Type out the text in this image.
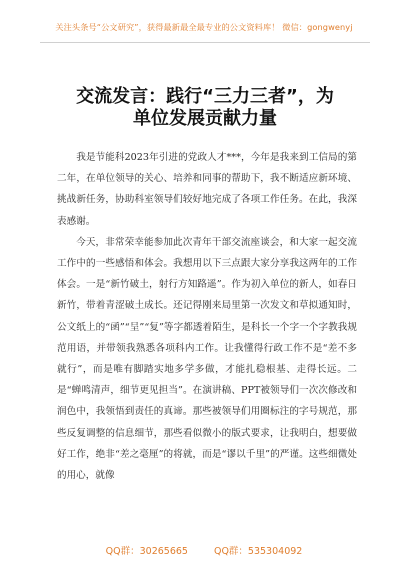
关注头条号“公文研究”，获得最新最全最专业的公文资料库！ 微信：gongwenyj
交流发言：践行“三力三者”，为
单位发展贡献力量

我是节能科2023年引进的党政人才***，今年是我来到工信局的第二年，在单位领导的关心、培养和同事的帮助下，我不断适应新环境、挑战新任务，协助科室领导们较好地完成了各项工作任务。在此，我深表感谢。

今天，非常荣幸能参加此次青年干部交流座谈会，和大家一起交流工作中的一些感悟和体会。我想用以下三点跟大家分享我这两年的工作体会。一是“新竹破土，射行方知路遥”。作为初入单位的新人，如春日新竹，带着青涩破土成长。还记得刚来局里第一次发文和草拟通知时，公文纸上的“函”“呈”“复”等字都透着陌生，是科长一个字一个字教我规范用语，并带领我熟悉各项科内工作。让我懂得行政工作不是“差不多就行”，而是唯有脚踏实地多学多做，才能扎稳根基、走得长远。二是“蝉鸣清声，细节更见担当”。在演讲稿、PPT被领导们一次次修改和润色中，我领悟到责任的真谛。那些被领导们用圈标注的字号规范，那些反复调整的信息细节，那些看似微小的版式要求，让我明白，想要做好工作，绝非“差之毫厘”的将就，而是“谬以千里”的严谨。这些细微处的用心，就像

QQ群：30265665	QQ群：535304092
